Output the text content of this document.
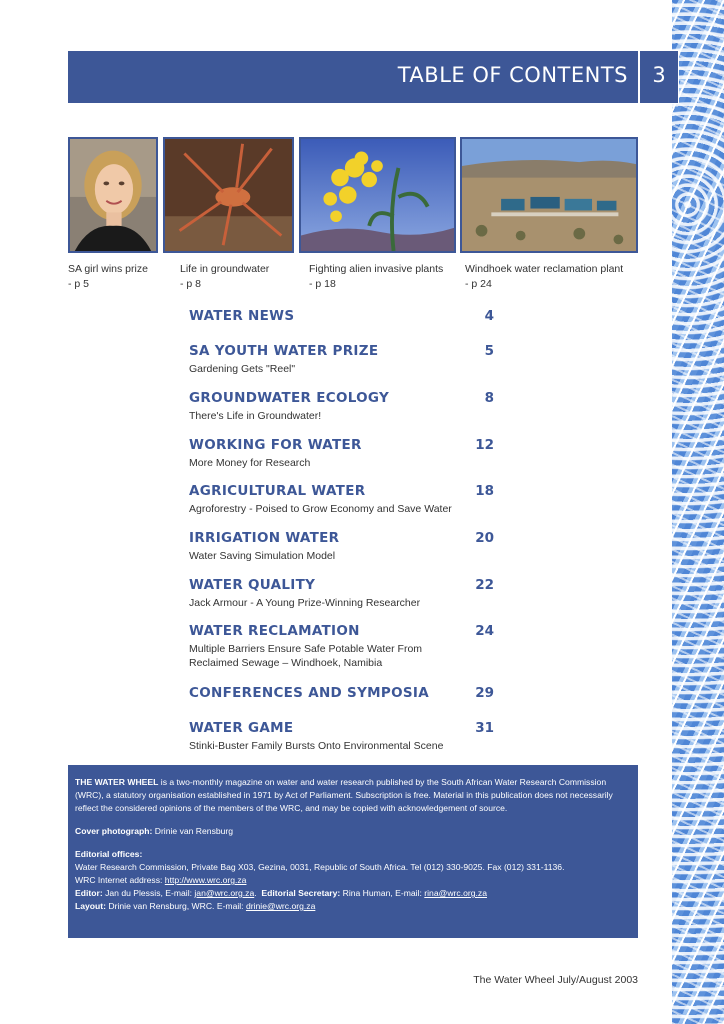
TABLE OF CONTENTS	3
SA girl wins prize
- p 5
Life in groundwater
- p 8
Fighting alien invasive plants
- p 18
Windhoek water reclamation plant
- p 24
WATER NEWS	4
SA YOUTH WATER PRIZE	5
Gardening Gets "Reel"
GROUNDWATER ECOLOGY	8
There's Life in Groundwater!
WORKING FOR WATER	12
More Money for Research
AGRICULTURAL WATER	18
Agroforestry - Poised to Grow Economy and Save Water
IRRIGATION WATER	20
Water Saving Simulation Model
WATER QUALITY	22
Jack Armour - A Young Prize-Winning Researcher
WATER RECLAMATION	24
Multiple Barriers Ensure Safe Potable Water From Reclaimed Sewage – Windhoek, Namibia
CONFERENCES AND SYMPOSIA	29
WATER GAME	31
Stinki-Buster Family Bursts Onto Environmental Scene
THE WATER WHEEL is a two-monthly magazine on water and water research published by the South African Water Research Commission (WRC), a statutory organisation established in 1971 by Act of Parliament. Subscription is free. Material in this publication does not necessarily reflect the considered opinions of the members of the WRC, and may be copied with acknowledgement of source.
Cover photograph: Drinie van Rensburg
Editorial offices:
Water Research Commission, Private Bag X03, Gezina, 0031, Republic of South Africa. Tel (012) 330-9025. Fax (012) 331-1136.
WRC Internet address: http://www.wrc.org.za
Editor: Jan du Plessis, E-mail: jan@wrc.org.za.  Editorial Secretary: Rina Human, E-mail: rina@wrc.org.za
Layout: Drinie van Rensburg, WRC. E-mail: drinie@wrc.org.za
The Water Wheel July/August 2003
